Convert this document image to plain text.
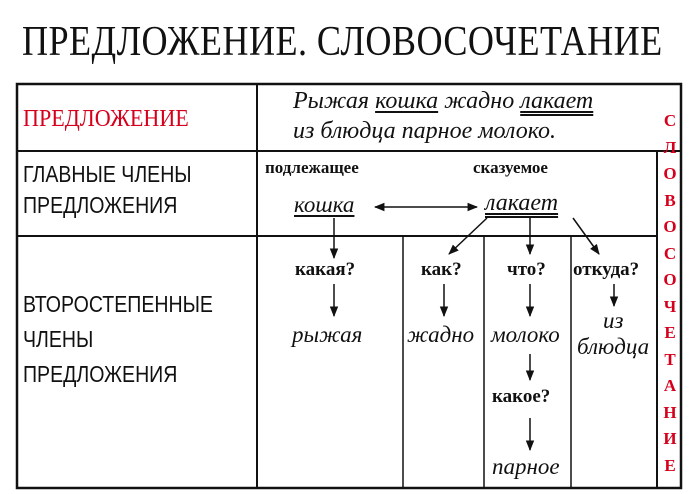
ПРЕДЛОЖЕНИЕ. СЛОВОСОЧЕТАНИЕ
ПРЕДЛОЖЕНИЕ
Рыжая кошка жадно лакает
из блюдца парное молоко.
ГЛАВНЫЕ ЧЛЕНЫ
ПРЕДЛОЖЕНИЯ
подлежащее	сказуемое
кошка	лакает
ВТОРОСТЕПЕННЫЕ
ЧЛЕНЫ
ПРЕДЛОЖЕНИЯ
какая?
рыжая
как?
жадно
что?
молоко
какое?
парное
откуда?
из
блюдца
С
Л
О
В
О
С
О
Ч
Е
Т
А
Н
И
Е
